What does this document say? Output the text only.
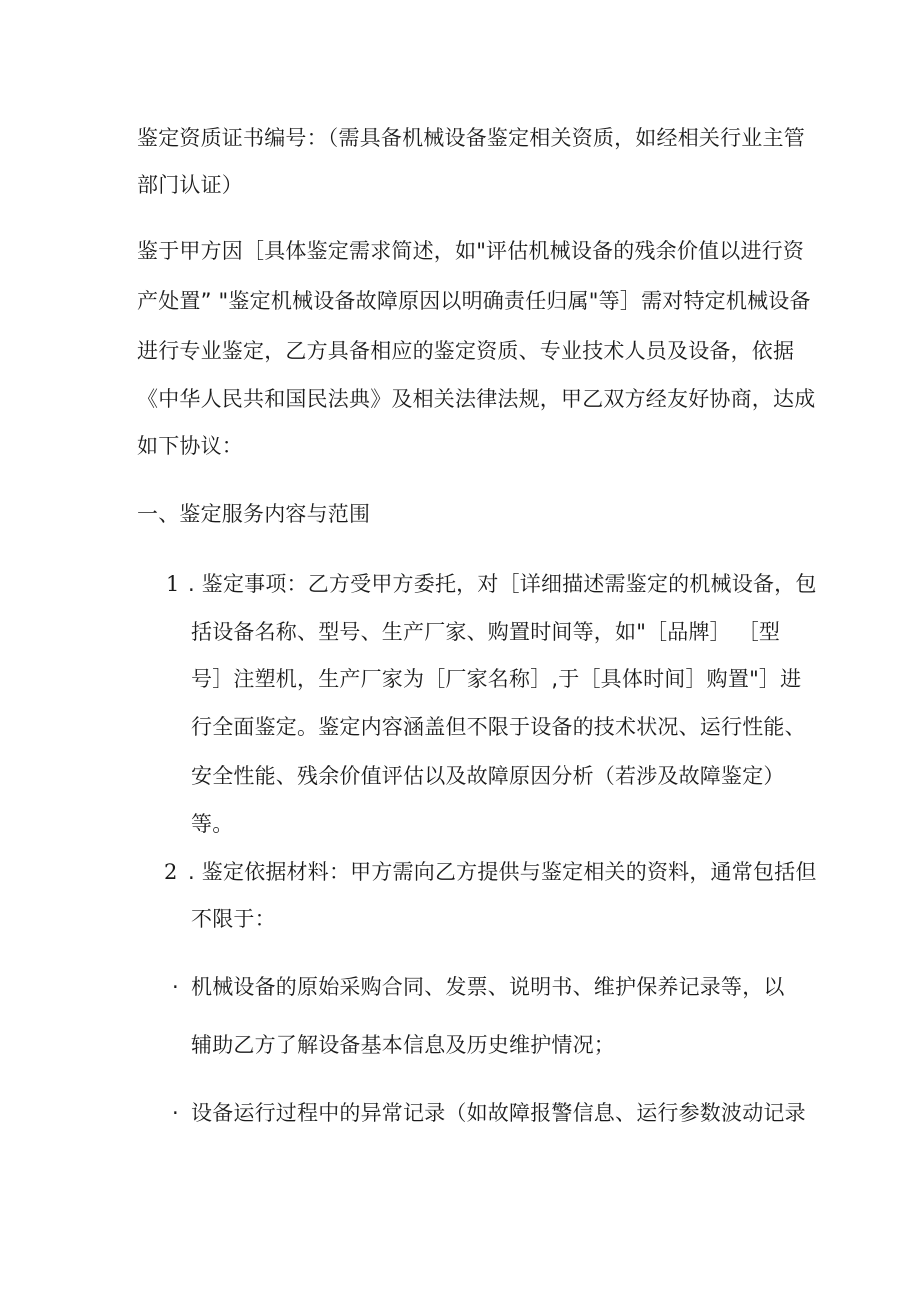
鉴定资质证书编号：（需具备机械设备鉴定相关资质，如经相关行业主管
部门认证）
鉴于甲方因［具体鉴定需求简述，如"评估机械设备的残余价值以进行资
产处置” "鉴定机械设备故障原因以明确责任归属"等］需对特定机械设备
进行专业鉴定，乙方具备相应的鉴定资质、专业技术人员及设备，依据
《中华人民共和国民法典》及相关法律法规，甲乙双方经友好协商，达成
如下协议：
一、鉴定服务内容与范围
1 . 鉴定事项：乙方受甲方委托，对［详细描述需鉴定的机械设备，包
括设备名称、型号、生产厂家、购置时间等，如"［品牌］ ［型
号］注塑机，生产厂家为［厂家名称］,于［具体时间］购置"］进
行全面鉴定。鉴定内容涵盖但不限于设备的技术状况、运行性能、
安全性能、残余价值评估以及故障原因分析（若涉及故障鉴定）
等。
2 . 鉴定依据材料：甲方需向乙方提供与鉴定相关的资料，通常包括但
不限于：
· 机械设备的原始采购合同、发票、说明书、维护保养记录等，以
辅助乙方了解设备基本信息及历史维护情况；
· 设备运行过程中的异常记录（如故障报警信息、运行参数波动记录
